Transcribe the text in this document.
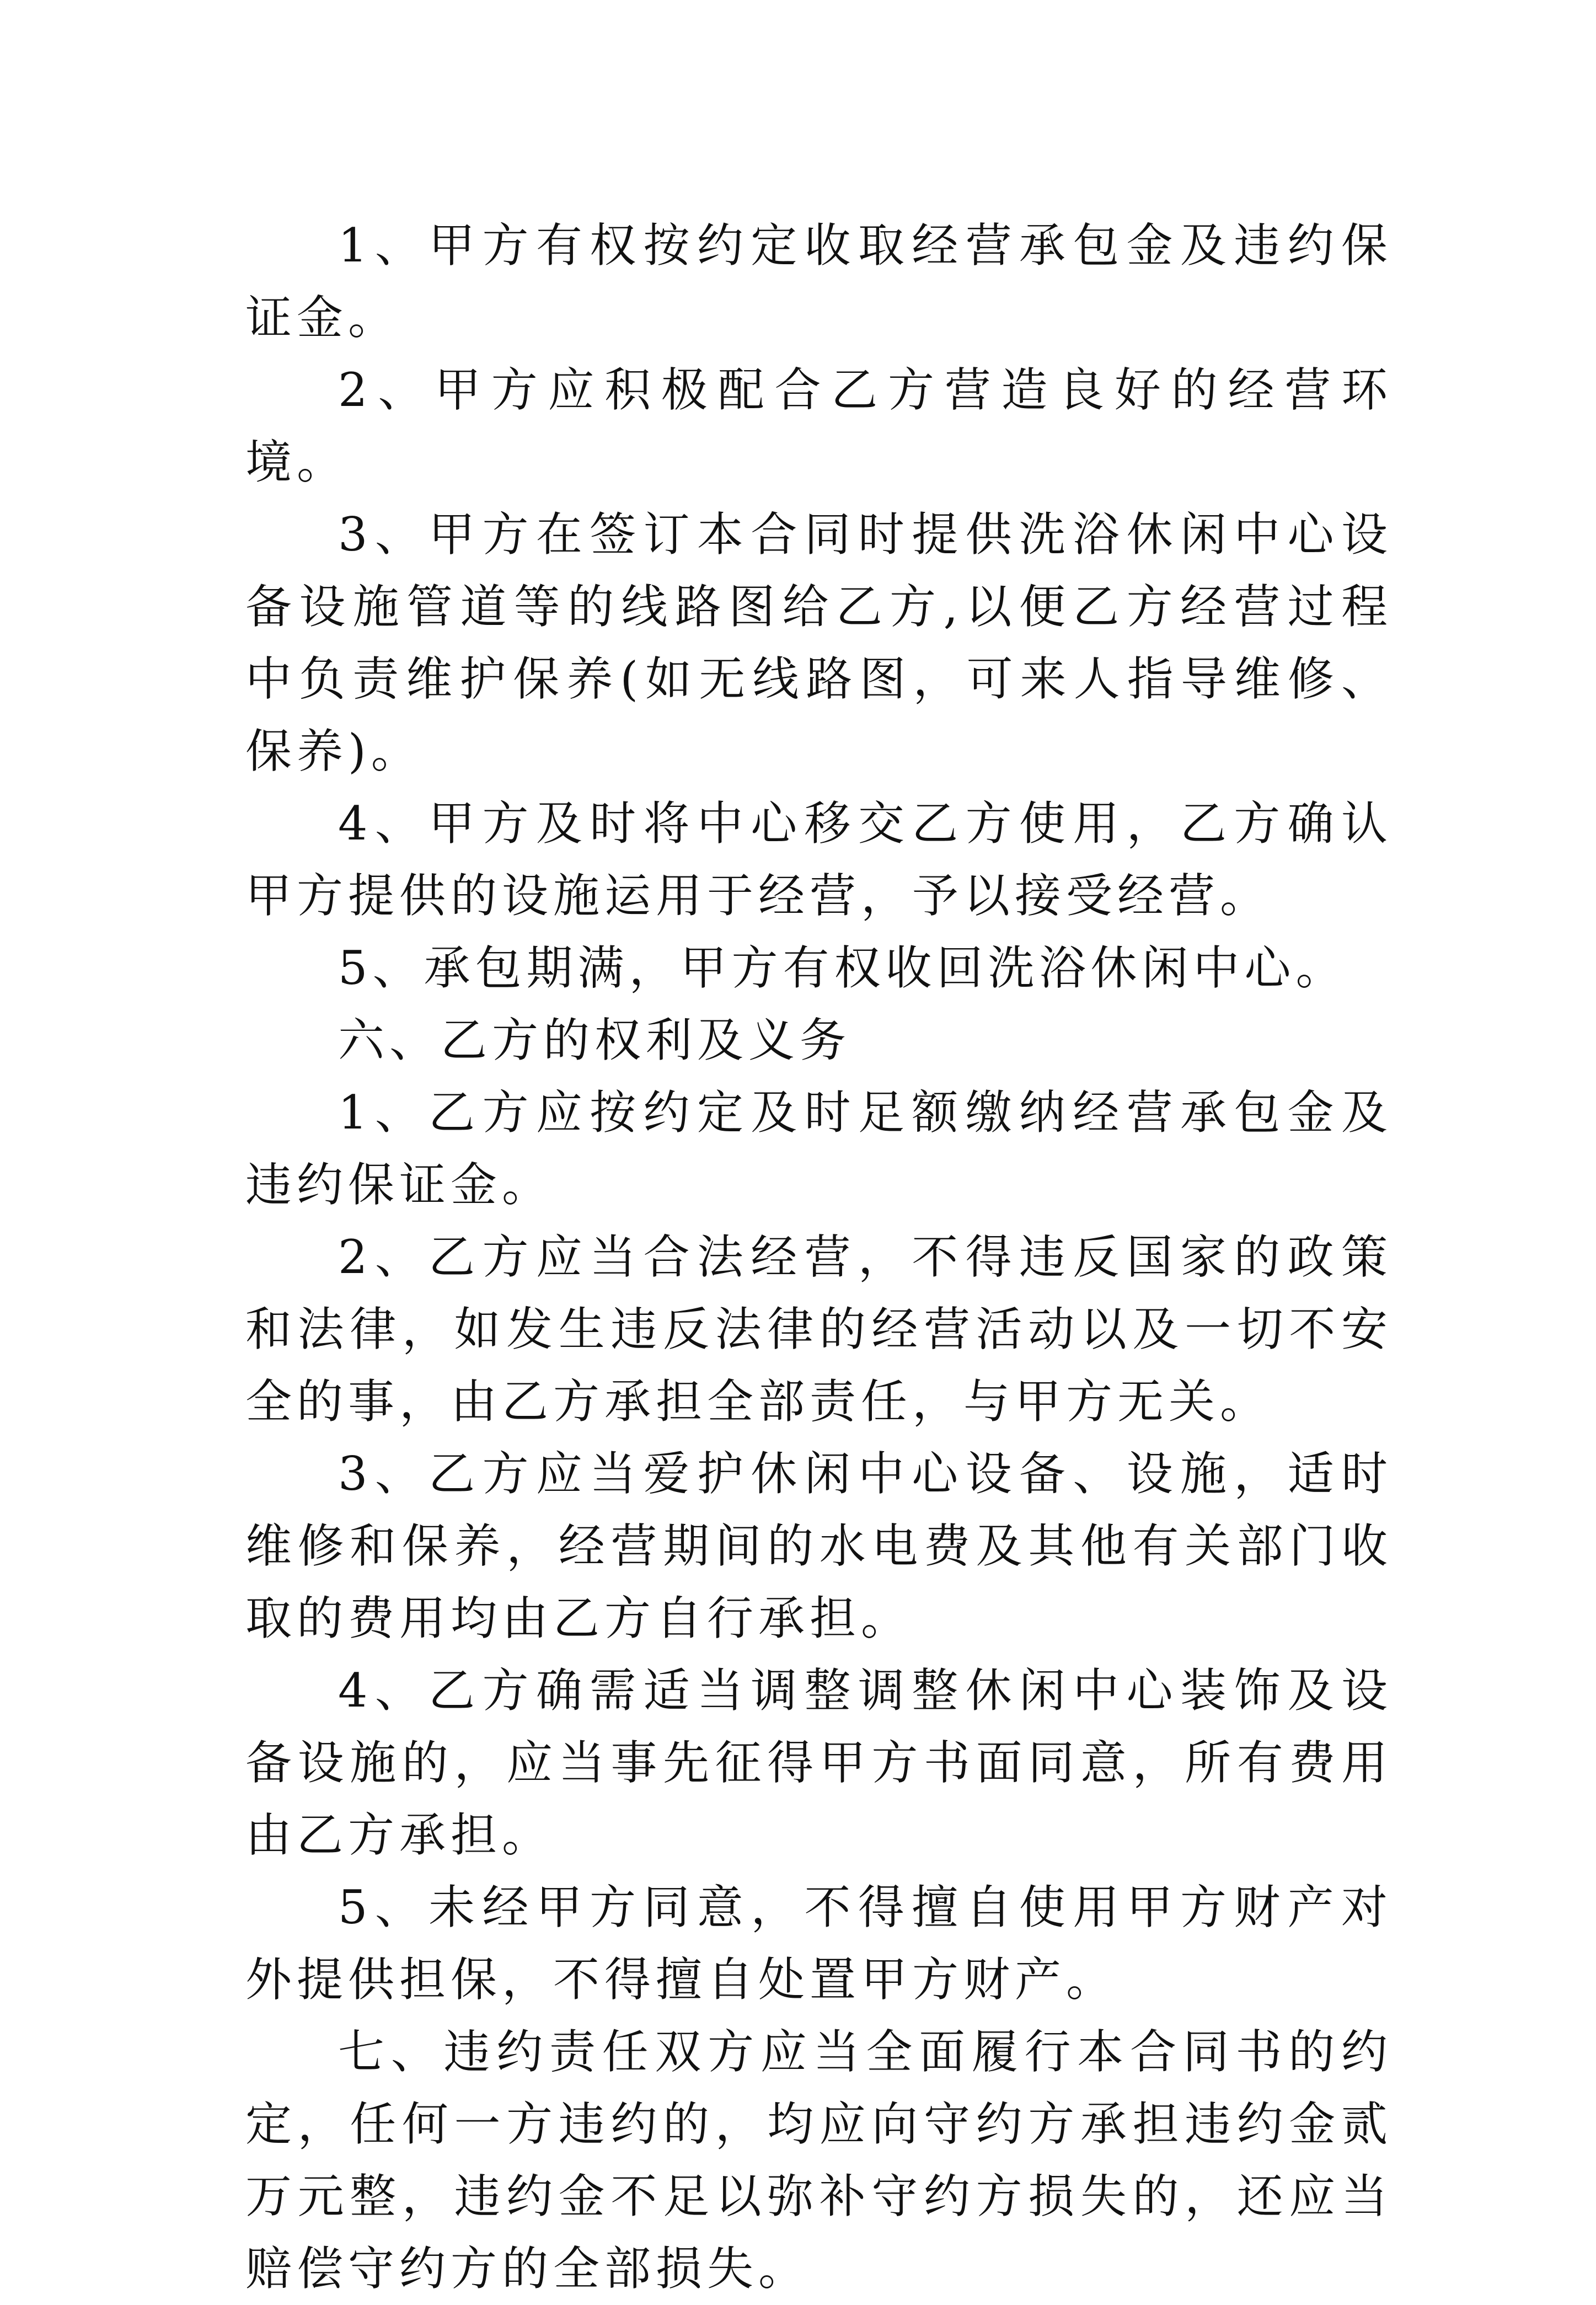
1、甲方有权按约定收取经营承包金及违约保证金。

2、甲方应积极配合乙方营造良好的经营环境。

3、甲方在签订本合同时提供洗浴休闲中心设备设施管道等的线路图给乙方,以便乙方经营过程中负责维护保养(如无线路图，可来人指导维修、保养)。

4、甲方及时将中心移交乙方使用，乙方确认甲方提供的设施运用于经营，予以接受经营。

5、承包期满，甲方有权收回洗浴休闲中心。

六、乙方的权利及义务

1、乙方应按约定及时足额缴纳经营承包金及违约保证金。

2、乙方应当合法经营，不得违反国家的政策和法律，如发生违反法律的经营活动以及一切不安全的事，由乙方承担全部责任，与甲方无关。

3、乙方应当爱护休闲中心设备、设施，适时维修和保养，经营期间的水电费及其他有关部门收取的费用均由乙方自行承担。

4、乙方确需适当调整调整休闲中心装饰及设备设施的，应当事先征得甲方书面同意，所有费用由乙方承担。

5、未经甲方同意，不得擅自使用甲方财产对外提供担保，不得擅自处置甲方财产。

七、违约责任双方应当全面履行本合同书的约定，任何一方违约的，均应向守约方承担违约金贰万元整，违约金不足以弥补守约方损失的，还应当赔偿守约方的全部损失。
